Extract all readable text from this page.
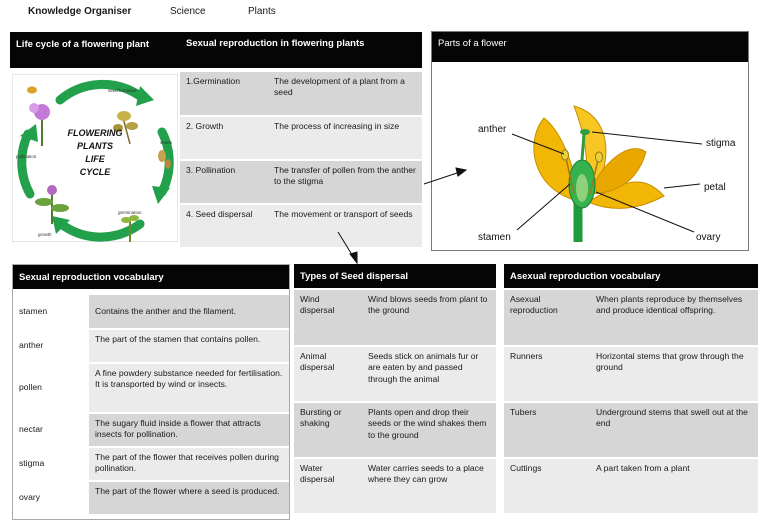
Knowledge Organiser	Science	Plants
Life cycle of a flowering plant
FLOWERING
PLANTS
LIFE
CYCLE
seed formation
seeds
germination
growth
pollination
Sexual reproduction in flowering plants
1.Germination	The development of a plant from a seed
2. Growth	The process of increasing in size
3. Pollination	The transfer of pollen from the anther to the stigma
4. Seed dispersal	The movement or transport of seeds
Parts of a flower
anther
stigma
petal
stamen	ovary
Sexual reproduction vocabulary
stamen	Contains the anther and the filament.
anther	The part of the stamen that contains pollen.
pollen	A fine powdery substance needed for fertilisation. It is transported by wind or insects.
nectar	The sugary fluid inside a flower that attracts insects for pollination.
stigma	The part of the flower that receives pollen during pollination.
ovary	The part of the flower where a seed is produced.
Types of Seed dispersal
Wind dispersal	Wind blows seeds from plant to the ground
Animal dispersal	Seeds stick on animals fur or are eaten by and passed through the animal
Bursting or shaking	Plants open and drop their seeds or the wind shakes them to the ground
Water dispersal	Water carries seeds to a place where they can grow
Asexual reproduction vocabulary
Asexual reproduction	When plants reproduce by themselves and produce identical offspring.
Runners	Horizontal stems that grow through the ground
Tubers	Underground stems that swell out at the end
Cuttings	A part taken from a plant
